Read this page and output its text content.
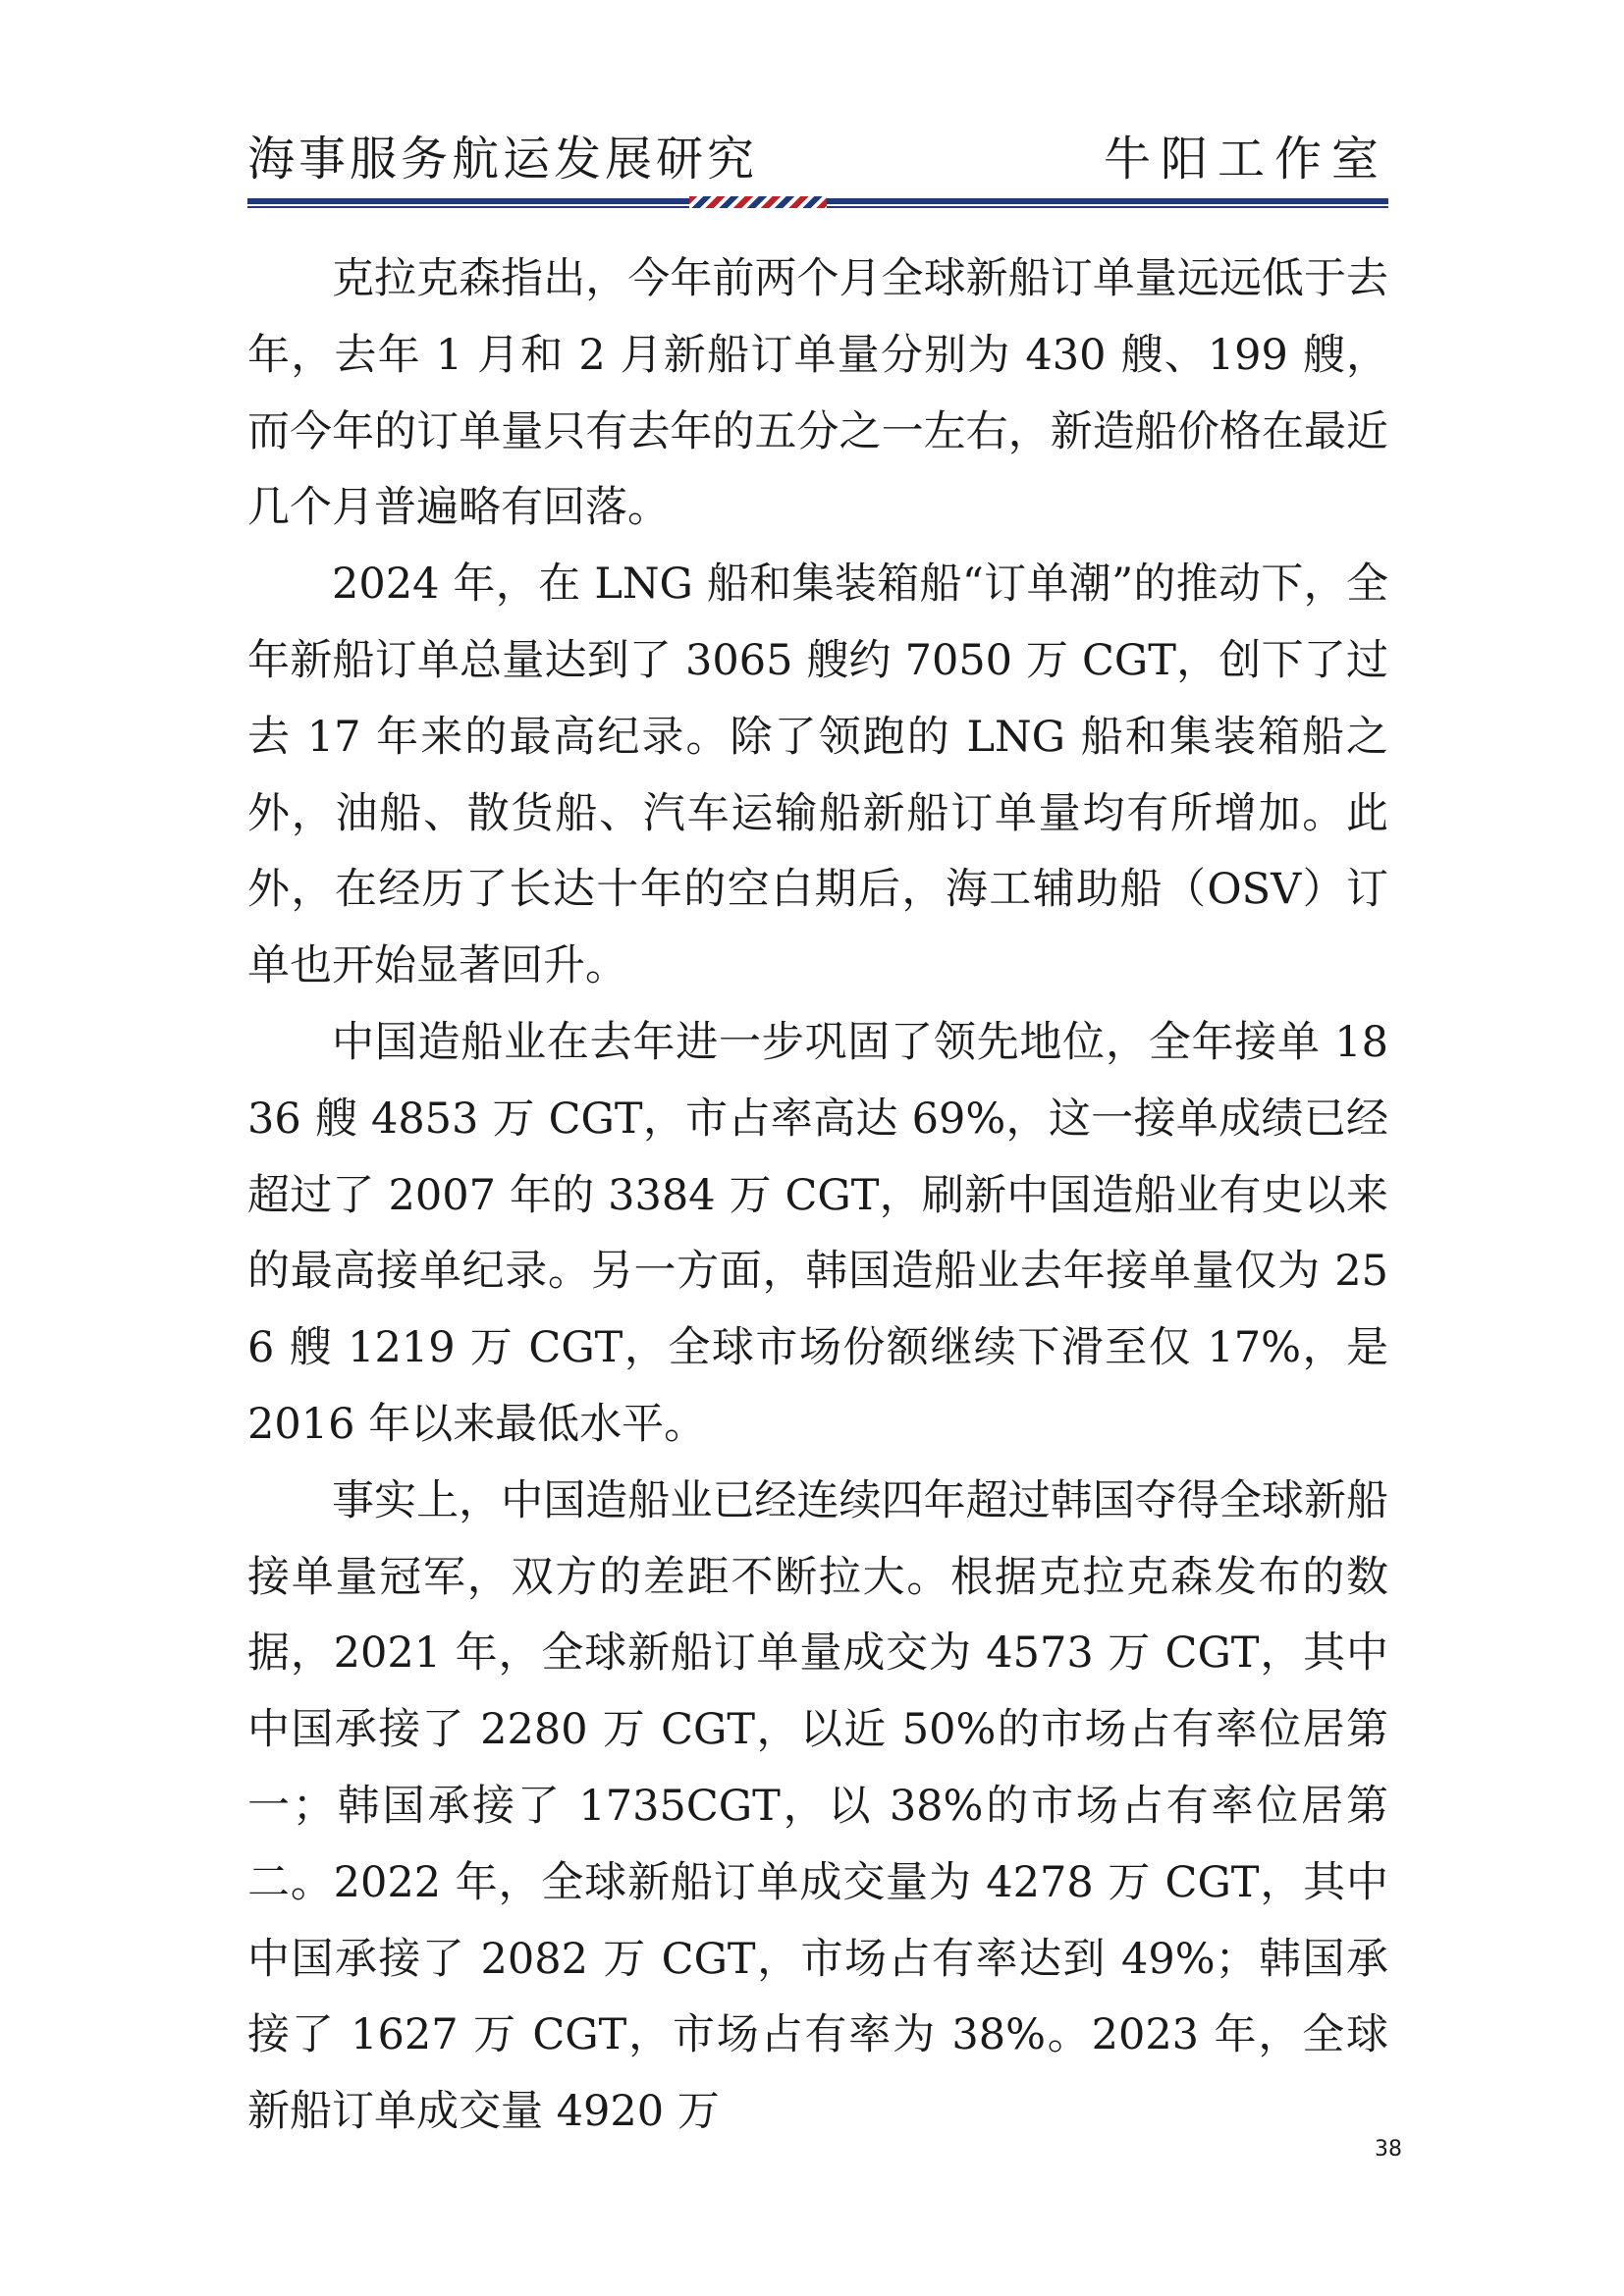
海事服务航运发展研究	牛阳工作室

克拉克森指出，今年前两个月全球新船订单量远远低于去年，去年 1 月和 2 月新船订单量分别为 430 艘、199 艘，而今年的订单量只有去年的五分之一左右，新造船价格在最近几个月普遍略有回落。

2024 年，在 LNG 船和集装箱船“订单潮”的推动下，全年新船订单总量达到了 3065 艘约 7050 万 CGT，创下了过去 17 年来的最高纪录。除了领跑的 LNG 船和集装箱船之外，油船、散货船、汽车运输船新船订单量均有所增加。此外，在经历了长达十年的空白期后，海工辅助船（OSV）订单也开始显著回升。

中国造船业在去年进一步巩固了领先地位，全年接单 1836 艘 4853 万 CGT，市占率高达 69%，这一接单成绩已经超过了 2007 年的 3384 万 CGT，刷新中国造船业有史以来的最高接单纪录。另一方面，韩国造船业去年接单量仅为 256 艘 1219 万 CGT，全球市场份额继续下滑至仅 17%，是 2016 年以来最低水平。

事实上，中国造船业已经连续四年超过韩国夺得全球新船接单量冠军，双方的差距不断拉大。根据克拉克森发布的数据，2021 年，全球新船订单量成交为 4573 万 CGT，其中中国承接了 2280 万 CGT，以近 50%的市场占有率位居第一；韩国承接了 1735CGT，以 38%的市场占有率位居第二。2022 年，全球新船订单成交量为 4278 万 CGT，其中中国承接了 2082 万 CGT，市场占有率达到 49%；韩国承接了 1627 万 CGT，市场占有率为 38%。2023 年，全球新船订单成交量 4920 万

38
